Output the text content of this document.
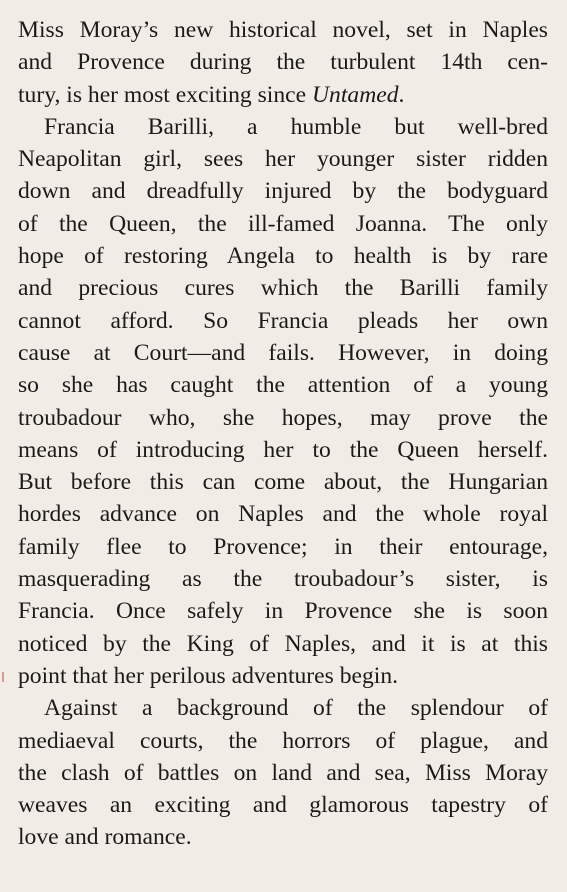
Miss Moray’s new historical novel, set in Naples
and Provence during the turbulent 14th cen-
tury, is her most exciting since Untamed.
Francia Barilli, a humble but well-bred
Neapolitan girl, sees her younger sister ridden
down and dreadfully injured by the bodyguard
of the Queen, the ill-famed Joanna. The only
hope of restoring Angela to health is by rare
and precious cures which the Barilli family
cannot afford. So Francia pleads her own
cause at Court—and fails. However, in doing
so she has caught the attention of a young
troubadour who, she hopes, may prove the
means of introducing her to the Queen herself.
But before this can come about, the Hungarian
hordes advance on Naples and the whole royal
family flee to Provence; in their entourage,
masquerading as the troubadour’s sister, is
Francia. Once safely in Provence she is soon
noticed by the King of Naples, and it is at this
point that her perilous adventures begin.
Against a background of the splendour of
mediaeval courts, the horrors of plague, and
the clash of battles on land and sea, Miss Moray
weaves an exciting and glamorous tapestry of
love and romance.
